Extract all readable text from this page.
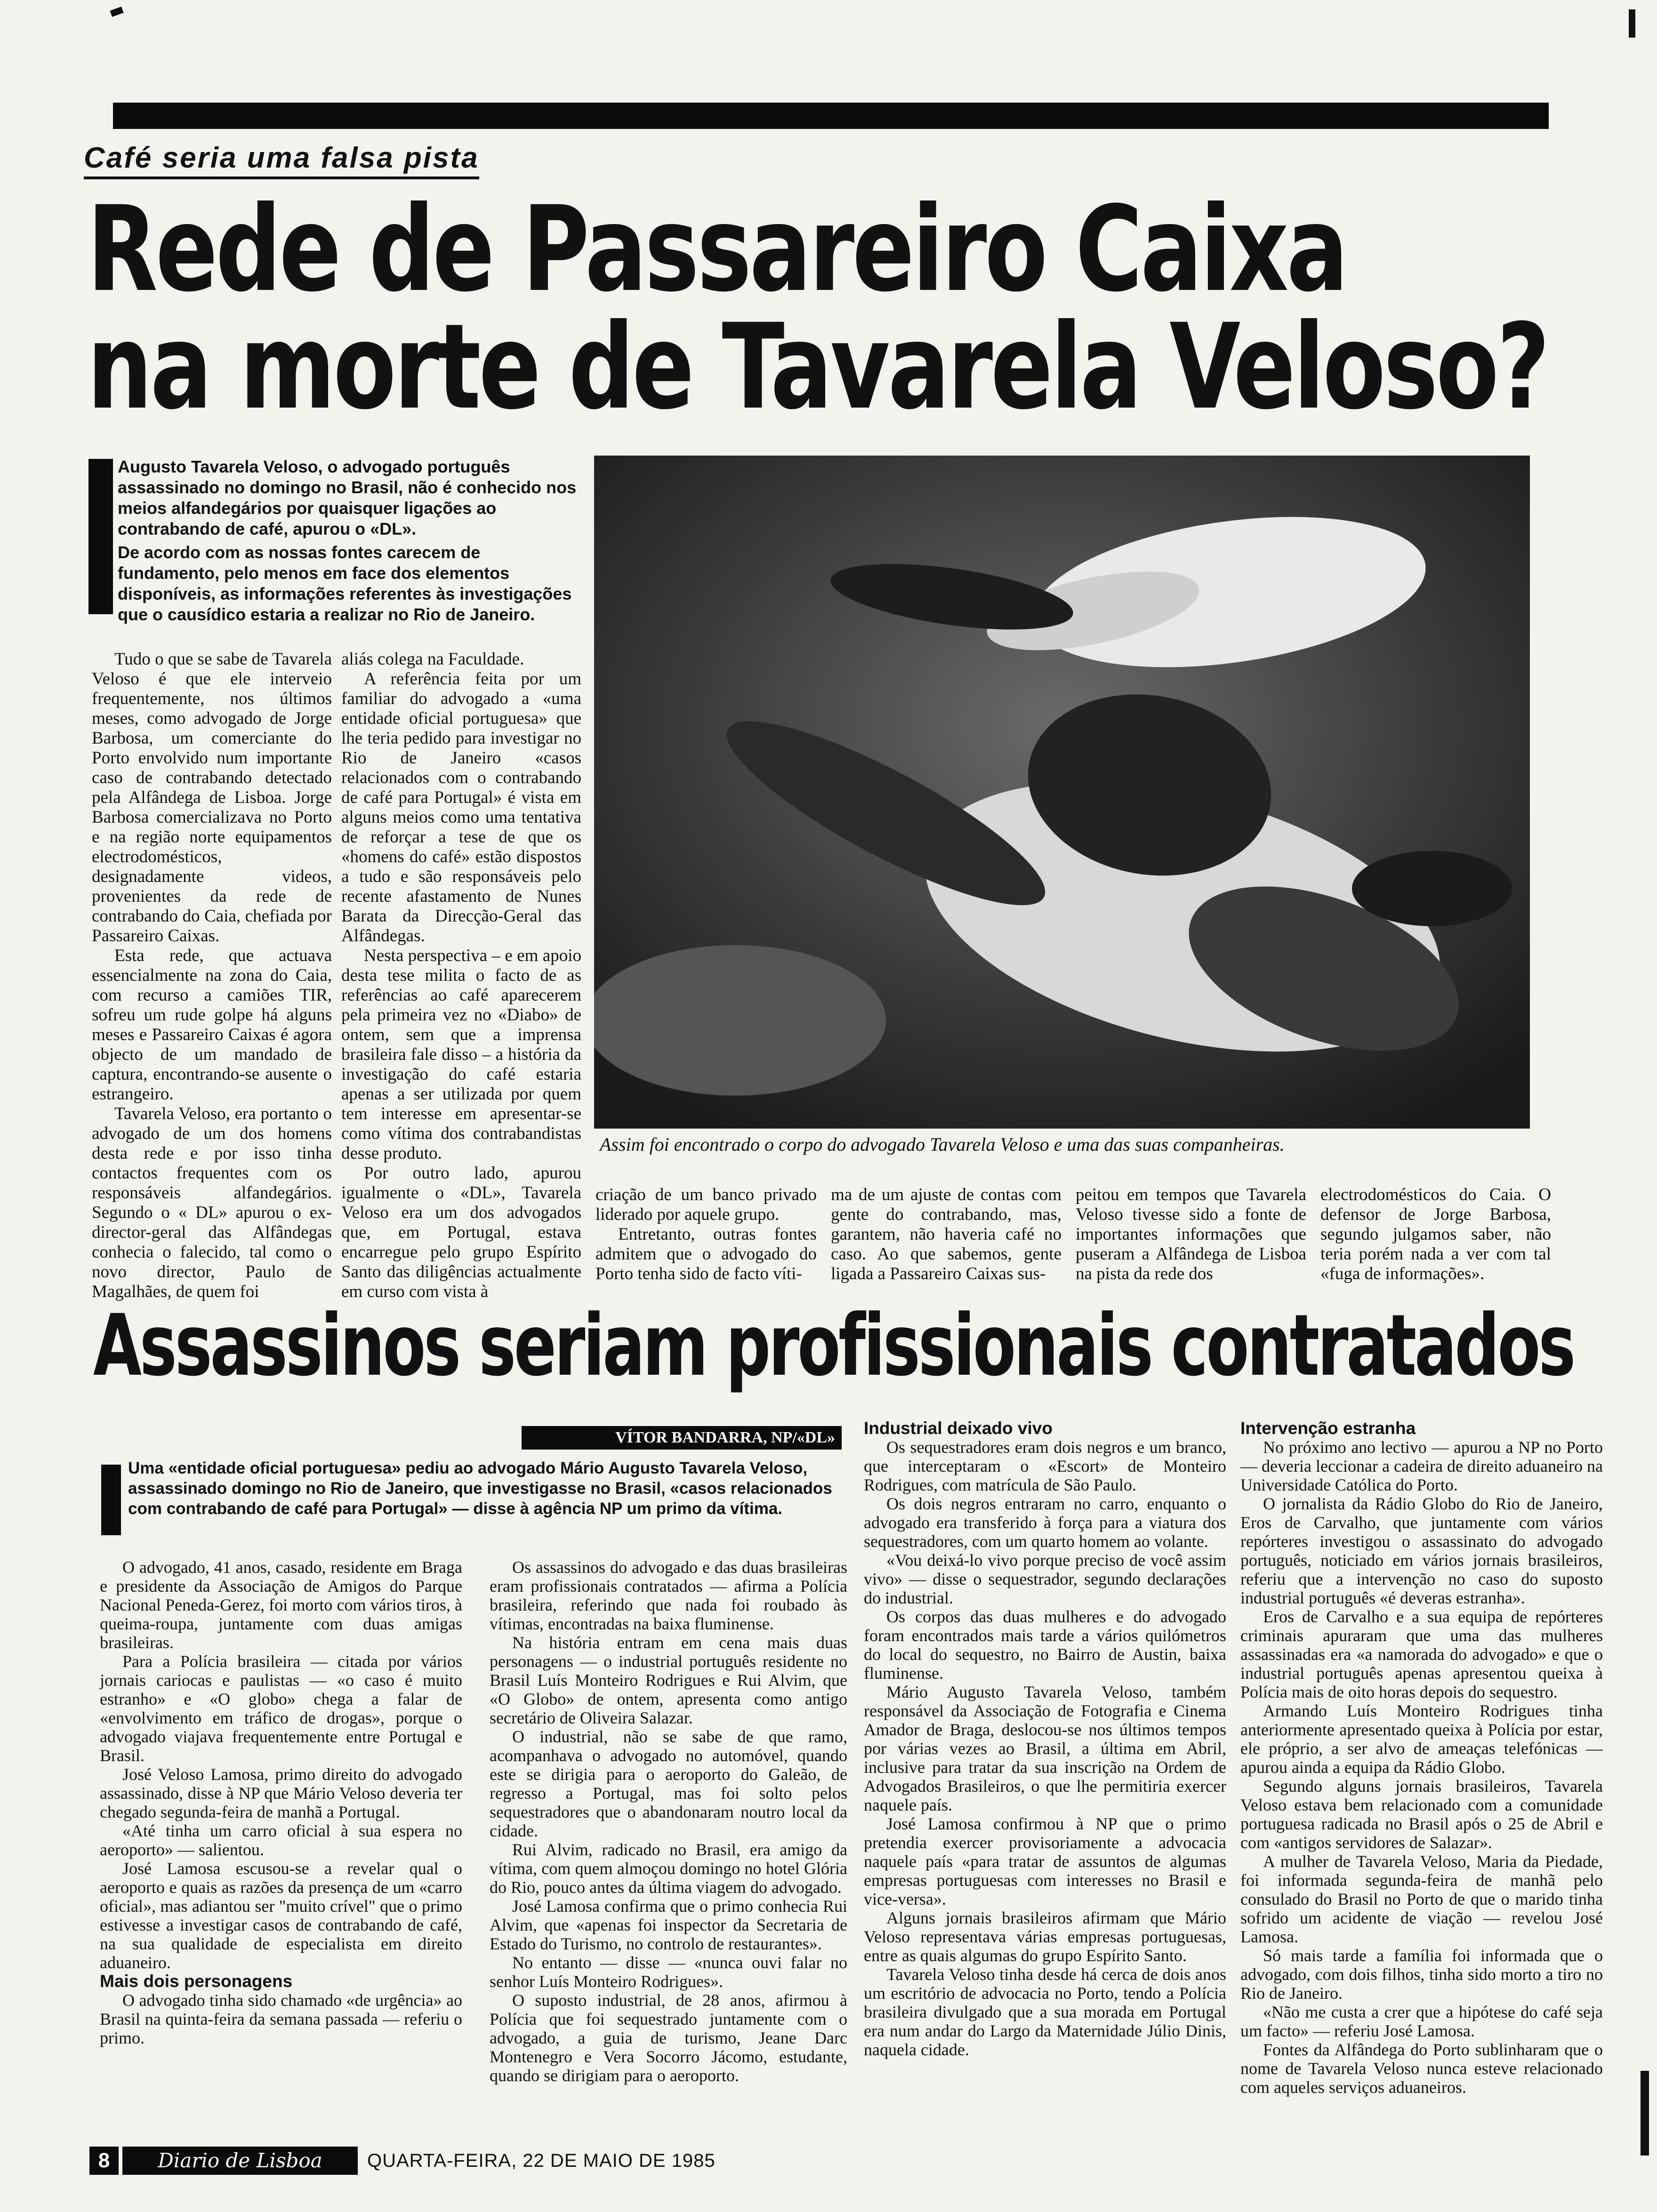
Café seria uma falsa pista
Rede de Passareiro Caixa
na morte de Tavarela Veloso?

Augusto Tavarela Veloso, o advogado português assassinado no domingo no Brasil, não é conhecido nos meios alfandegários por quaisquer ligações ao contrabando de café, apurou o «DL».

De acordo com as nossas fontes carecem de fundamento, pelo menos em face dos elementos disponíveis, as informações referentes às investigações que o causídico estaria a realizar no Rio de Janeiro.

Tudo o que se sabe de Tavarela Veloso é que ele interveio frequentemente, nos últimos meses, como advogado de Jorge Barbosa, um comerciante do Porto envolvido num importante caso de contrabando detectado pela Alfândega de Lisboa. Jorge Barbosa comercializava no Porto e na região norte equipamentos electrodomésticos, designadamente videos, provenientes da rede de contrabando do Caia, chefiada por Passareiro Caixas.

Esta rede, que actuava essencialmente na zona do Caia, com recurso a camiões TIR, sofreu um rude golpe há alguns meses e Passareiro Caixas é agora objecto de um mandado de captura, encontrando-se ausente o estrangeiro.

Tavarela Veloso, era portanto o advogado de um dos homens desta rede e por isso tinha contactos frequentes com os responsáveis alfandegários. Segundo o « DL» apurou o ex-director-geral das Alfândegas conhecia o falecido, tal como o novo director, Paulo de Magalhães, de quem foi

aliás colega na Faculdade.

A referência feita por um familiar do advogado a «uma entidade oficial portuguesa» que lhe teria pedido para investigar no Rio de Janeiro «casos relacionados com o contrabando de café para Portugal» é vista em alguns meios como uma tentativa de reforçar a tese de que os «homens do café» estão dispostos a tudo e são responsáveis pelo recente afastamento de Nunes Barata da Direcção-Geral das Alfândegas.

Nesta perspectiva – e em apoio desta tese milita o facto de as referências ao café aparecerem pela primeira vez no «Diabo» de ontem, sem que a imprensa brasileira fale disso – a história da investigação do café estaria apenas a ser utilizada por quem tem interesse em apresentar-se como vítima dos contrabandistas desse produto.

Por outro lado, apurou igualmente o «DL», Tavarela Veloso era um dos advogados que, em Portugal, estava encarregue pelo grupo Espírito Santo das diligências actualmente em curso com vista à

Assim foi encontrado o corpo do advogado Tavarela Veloso e uma das suas companheiras.

criação de um banco privado liderado por aquele grupo.

Entretanto, outras fontes admitem que o advogado do Porto tenha sido de facto víti-

ma de um ajuste de contas com gente do contrabando, mas, garantem, não haveria café no caso. Ao que sabemos, gente ligada a Passareiro Caixas sus-

peitou em tempos que Tavarela Veloso tivesse sido a fonte de importantes informações que puseram a Alfândega de Lisboa na pista da rede dos

electrodomésticos do Caia. O defensor de Jorge Barbosa, segundo julgamos saber, não teria porém nada a ver com tal «fuga de informações».

Assassinos seriam profissionais contratados
VÍTOR BANDARRA, NP/«DL»

Uma «entidade oficial portuguesa» pediu ao advogado Mário Augusto Tavarela Veloso, assassinado domingo no Rio de Janeiro, que investigasse no Brasil, «casos relacionados com contrabando de café para Portugal» — disse à agência NP um primo da vítima.

O advogado, 41 anos, casado, residente em Braga e presidente da Associação de Amigos do Parque Nacional Peneda-Gerez, foi morto com vários tiros, à queima-roupa, juntamente com duas amigas brasileiras.

Para a Polícia brasileira — citada por vários jornais cariocas e paulistas — «o caso é muito estranho» e «O globo» chega a falar de «envolvimento em tráfico de drogas», porque o advogado viajava frequentemente entre Portugal e Brasil.

José Veloso Lamosa, primo direito do advogado assassinado, disse à NP que Mário Veloso deveria ter chegado segunda-feira de manhã a Portugal.

«Até tinha um carro oficial à sua espera no aeroporto» — salientou.

José Lamosa escusou-se a revelar qual o aeroporto e quais as razões da presença de um «carro oficial», mas adiantou ser "muito crível" que o primo estivesse a investigar casos de contrabando de café, na sua qualidade de especialista em direito aduaneiro.

Mais dois personagens

O advogado tinha sido chamado «de urgência» ao Brasil na quinta-feira da semana passada — referiu o primo.

Os assassinos do advogado e das duas brasileiras eram profissionais contratados — afirma a Polícia brasileira, referindo que nada foi roubado às vítimas, encontradas na baixa fluminense.

Na história entram em cena mais duas personagens — o industrial português residente no Brasil Luís Monteiro Rodrigues e Rui Alvim, que «O Globo» de ontem, apresenta como antigo secretário de Oliveira Salazar.

O industrial, não se sabe de que ramo, acompanhava o advogado no automóvel, quando este se dirigia para o aeroporto do Galeão, de regresso a Portugal, mas foi solto pelos sequestradores que o abandonaram noutro local da cidade.

Rui Alvim, radicado no Brasil, era amigo da vítima, com quem almoçou domingo no hotel Glória do Rio, pouco antes da última viagem do advogado.

José Lamosa confirma que o primo conhecia Rui Alvim, que «apenas foi inspector da Secretaria de Estado do Turismo, no controlo de restaurantes».

No entanto — disse — «nunca ouvi falar no senhor Luís Monteiro Rodrigues».

O suposto industrial, de 28 anos, afirmou à Polícia que foi sequestrado juntamente com o advogado, a guia de turismo, Jeane Darc Montenegro e Vera Socorro Jácomo, estudante, quando se dirigiam para o aeroporto.

Industrial deixado vivo

Os sequestradores eram dois negros e um branco, que interceptaram o «Escort» de Monteiro Rodrigues, com matrícula de São Paulo.

Os dois negros entraram no carro, enquanto o advogado era transferido à força para a viatura dos sequestradores, com um quarto homem ao volante.

«Vou deixá-lo vivo porque preciso de você assim vivo» — disse o sequestrador, segundo declarações do industrial.

Os corpos das duas mulheres e do advogado foram encontrados mais tarde a vários quilómetros do local do sequestro, no Bairro de Austin, baixa fluminense.

Mário Augusto Tavarela Veloso, também responsável da Associação de Fotografia e Cinema Amador de Braga, deslocou-se nos últimos tempos por várias vezes ao Brasil, a última em Abril, inclusive para tratar da sua inscrição na Ordem de Advogados Brasileiros, o que lhe permitiria exercer naquele país.

José Lamosa confirmou à NP que o primo pretendia exercer provisoriamente a advocacia naquele país «para tratar de assuntos de algumas empresas portuguesas com interesses no Brasil e vice-versa».

Alguns jornais brasileiros afirmam que Mário Veloso representava várias empresas portuguesas, entre as quais algumas do grupo Espírito Santo.

Tavarela Veloso tinha desde há cerca de dois anos um escritório de advocacia no Porto, tendo a Polícia brasileira divulgado que a sua morada em Portugal era num andar do Largo da Maternidade Júlio Dinis, naquela cidade.

Intervenção estranha

No próximo ano lectivo — apurou a NP no Porto — deveria leccionar a cadeira de direito aduaneiro na Universidade Católica do Porto.

O jornalista da Rádio Globo do Rio de Janeiro, Eros de Carvalho, que juntamente com vários repórteres investigou o assassinato do advogado português, noticiado em vários jornais brasileiros, referiu que a intervenção no caso do suposto industrial português «é deveras estranha».

Eros de Carvalho e a sua equipa de repórteres criminais apuraram que uma das mulheres assassinadas era «a namorada do advogado» e que o industrial português apenas apresentou queixa à Polícia mais de oito horas depois do sequestro.

Armando Luís Monteiro Rodrigues tinha anteriormente apresentado queixa à Polícia por estar, ele próprio, a ser alvo de ameaças telefónicas — apurou ainda a equipa da Rádio Globo.

Segundo alguns jornais brasileiros, Tavarela Veloso estava bem relacionado com a comunidade portuguesa radicada no Brasil após o 25 de Abril e com «antigos servidores de Salazar».

A mulher de Tavarela Veloso, Maria da Piedade, foi informada segunda-feira de manhã pelo consulado do Brasil no Porto de que o marido tinha sofrido um acidente de viação — revelou José Lamosa.

Só mais tarde a família foi informada que o advogado, com dois filhos, tinha sido morto a tiro no Rio de Janeiro.

«Não me custa a crer que a hipótese do café seja um facto» — referiu José Lamosa.

Fontes da Alfândega do Porto sublinharam que o nome de Tavarela Veloso nunca esteve relacionado com aqueles serviços aduaneiros.

8	Diario de Lisboa	QUARTA-FEIRA, 22 DE MAIO DE 1985
